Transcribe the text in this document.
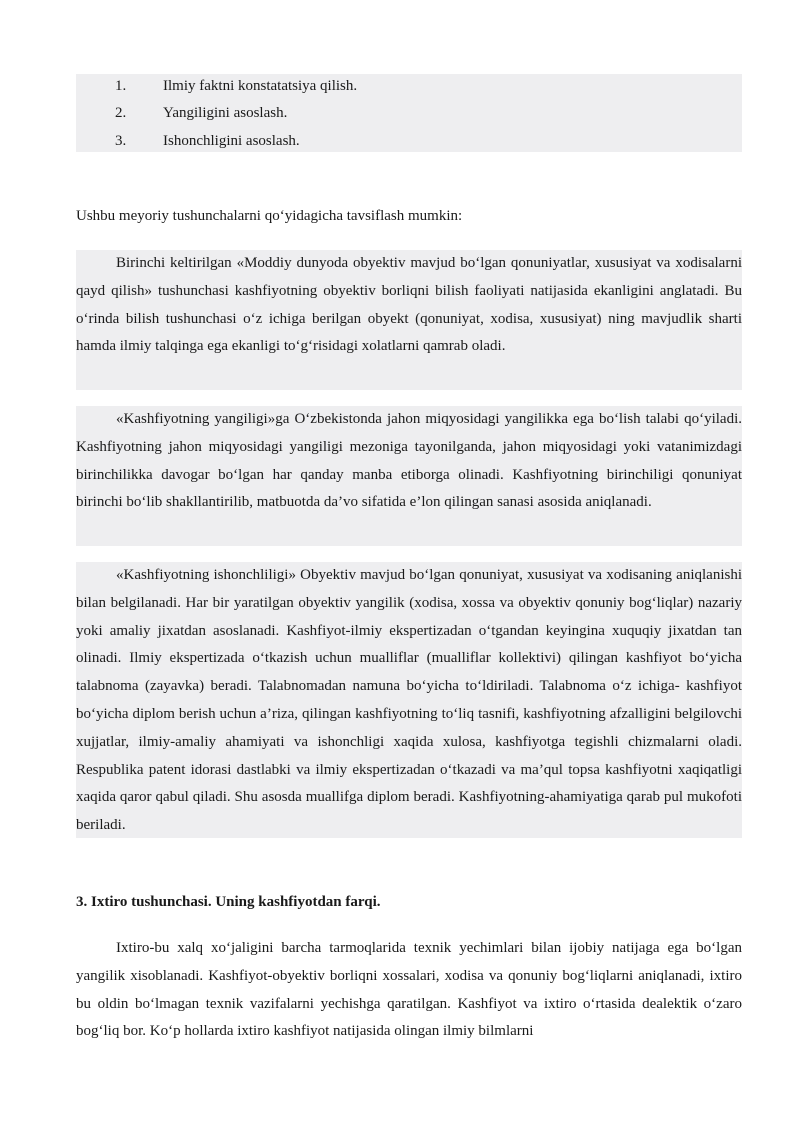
1. Ilmiy faktni konstatatsiya qilish.
2. Yangiligini asoslash.
3. Ishonchligini asoslash.

Ushbu meyoriy tushunchalarni qo‘yidagicha tavsiflash mumkin:

Birinchi keltirilgan «Moddiy dunyoda obyektiv mavjud bo‘lgan qonuniyatlar, xususiyat va xodisalarni qayd qilish» tushunchasi kashfiyotning obyektiv borliqni bilish faoliyati natijasida ekanligini anglatadi. Bu o‘rinda bilish tushunchasi o‘z ichiga berilgan obyekt (qonuniyat, xodisa, xususiyat) ning mavjudlik sharti hamda ilmiy talqinga ega ekanligi to‘g‘risidagi xolatlarni qamrab oladi.

«Kashfiyotning yangiligi»ga O‘zbekistonda jahon miqyosidagi yangilikka ega bo‘lish talabi qo‘yiladi. Kashfiyotning jahon miqyosidagi yangiligi mezoniga tayonilganda, jahon miqyosidagi yoki vatanimizdagi birinchilikka davogar bo‘lgan har qanday manba etiborga olinadi. Kashfiyotning birinchiligi qonuniyat birinchi bo‘lib shakllantirilib, matbuotda da’vo sifatida e’lon qilingan sanasi asosida aniqlanadi.

«Kashfiyotning ishonchliligi» Obyektiv mavjud bo‘lgan qonuniyat, xususiyat va xodisaning aniqlanishi bilan belgilanadi. Har bir yaratilgan obyektiv yangilik (xodisa, xossa va obyektiv qonuniy bog‘liqlar) nazariy yoki amaliy jixatdan asoslanadi. Kashfiyot-ilmiy ekspertizadan o‘tgandan keyingina xuquqiy jixatdan tan olinadi. Ilmiy ekspertizada o‘tkazish uchun mualliflar (mualliflar kollektivi) qilingan kashfiyot bo‘yicha talabnoma (zayavka) beradi. Talabnomadan namuna bo‘yicha to‘ldiriladi. Talabnoma o‘z ichiga- kashfiyot bo‘yicha diplom berish uchun a’riza, qilingan kashfiyotning to‘liq tasnifi, kashfiyotning afzalligini belgilovchi xujjatlar, ilmiy-amaliy ahamiyati va ishonchligi xaqida xulosa, kashfiyotga tegishli chizmalarni oladi. Respublika patent idorasi dastlabki va ilmiy ekspertizadan o‘tkazadi va ma’qul topsa kashfiyotni xaqiqatligi xaqida qaror qabul qiladi. Shu asosda muallifga diplom beradi. Kashfiyotning-ahamiyatiga qarab pul mukofoti beriladi.

3. Ixtiro tushunchasi. Uning kashfiyotdan farqi.

Ixtiro-bu xalq xo‘jaligini barcha tarmoqlarida texnik yechimlari bilan ijobiy natijaga ega bo‘lgan yangilik xisoblanadi. Kashfiyot-obyektiv borliqni xossalari, xodisa va qonuniy bog‘liqlarni aniqlanadi, ixtiro bu oldin bo‘lmagan texnik vazifalarni yechishga qaratilgan. Kashfiyot va ixtiro o‘rtasida dealektik o‘zaro bog‘liq bor. Ko‘p hollarda ixtiro kashfiyot natijasida olingan ilmiy bilmlarni
